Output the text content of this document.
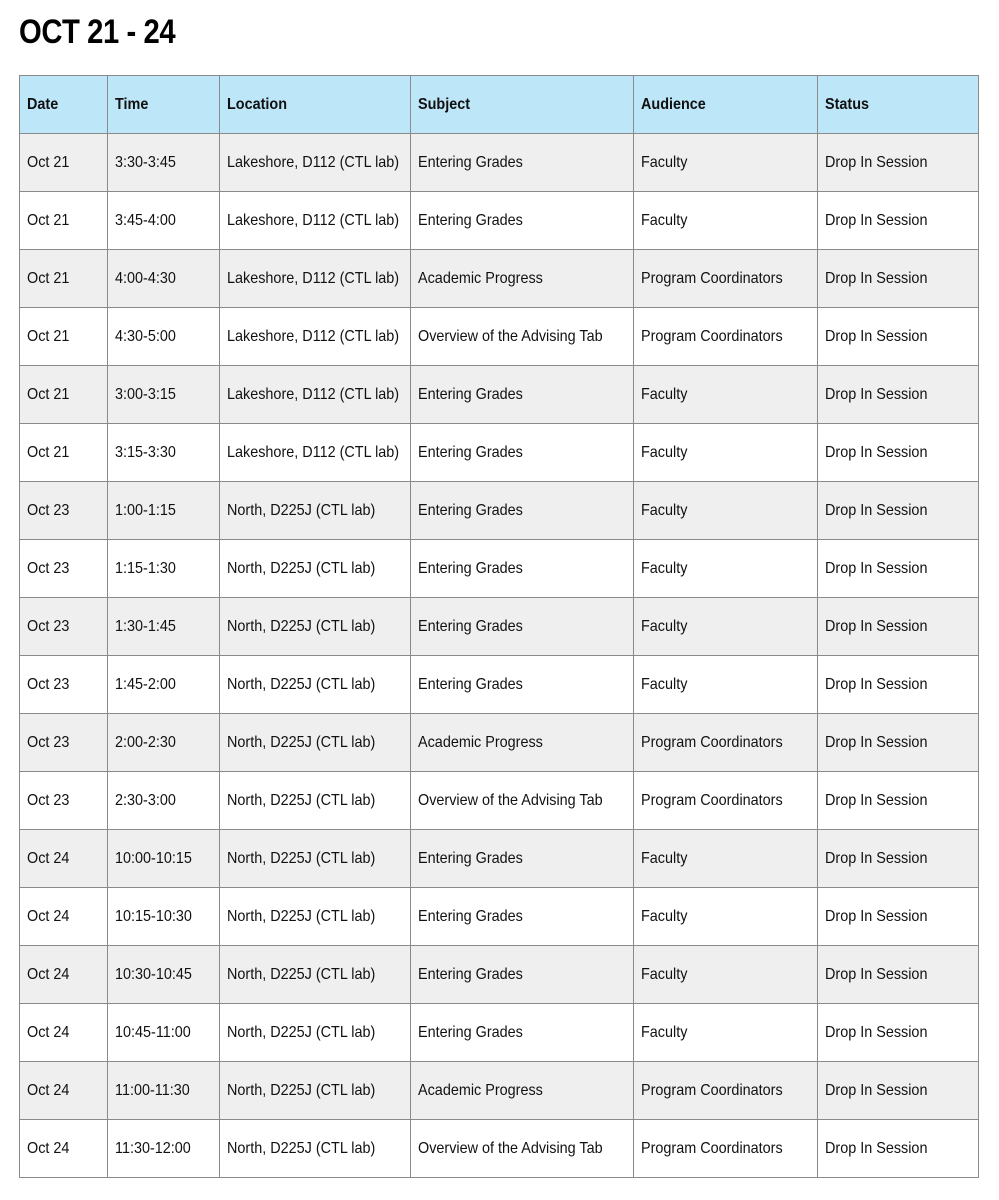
OCT 21 - 24
Date	Time	Location	Subject	Audience	Status
Oct 21	3:30-3:45	Lakeshore, D112 (CTL lab)	Entering Grades	Faculty	Drop In Session
Oct 21	3:45-4:00	Lakeshore, D112 (CTL lab)	Entering Grades	Faculty	Drop In Session
Oct 21	4:00-4:30	Lakeshore, D112 (CTL lab)	Academic Progress	Program Coordinators	Drop In Session
Oct 21	4:30-5:00	Lakeshore, D112 (CTL lab)	Overview of the Advising Tab	Program Coordinators	Drop In Session
Oct 21	3:00-3:15	Lakeshore, D112 (CTL lab)	Entering Grades	Faculty	Drop In Session
Oct 21	3:15-3:30	Lakeshore, D112 (CTL lab)	Entering Grades	Faculty	Drop In Session
Oct 23	1:00-1:15	North, D225J (CTL lab)	Entering Grades	Faculty	Drop In Session
Oct 23	1:15-1:30	North, D225J (CTL lab)	Entering Grades	Faculty	Drop In Session
Oct 23	1:30-1:45	North, D225J (CTL lab)	Entering Grades	Faculty	Drop In Session
Oct 23	1:45-2:00	North, D225J (CTL lab)	Entering Grades	Faculty	Drop In Session
Oct 23	2:00-2:30	North, D225J (CTL lab)	Academic Progress	Program Coordinators	Drop In Session
Oct 23	2:30-3:00	North, D225J (CTL lab)	Overview of the Advising Tab	Program Coordinators	Drop In Session
Oct 24	10:00-10:15	North, D225J (CTL lab)	Entering Grades	Faculty	Drop In Session
Oct 24	10:15-10:30	North, D225J (CTL lab)	Entering Grades	Faculty	Drop In Session
Oct 24	10:30-10:45	North, D225J (CTL lab)	Entering Grades	Faculty	Drop In Session
Oct 24	10:45-11:00	North, D225J (CTL lab)	Entering Grades	Faculty	Drop In Session
Oct 24	11:00-11:30	North, D225J (CTL lab)	Academic Progress	Program Coordinators	Drop In Session
Oct 24	11:30-12:00	North, D225J (CTL lab)	Overview of the Advising Tab	Program Coordinators	Drop In Session
